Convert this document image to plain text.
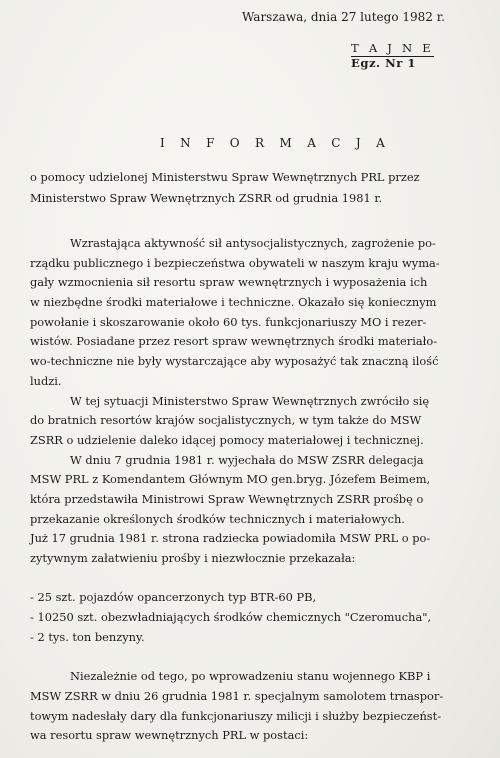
Warszawa, dnia 27 lutego 1982 r.
T A J N E
Egz. Nr 1
I N F O R M A C J A
o pomocy udzielonej Ministerstwu Spraw Wewnętrznych PRL przez
Ministerstwo Spraw Wewnętrznych ZSRR od grudnia 1981 r.
Wzrastająca aktywność sił antysocjalistycznych, zagrożenie po-
rządku publicznego i bezpieczeństwa obywateli w naszym kraju wyma-
gały wzmocnienia sił resortu spraw wewnętrznych i wyposażenia ich
w niezbędne środki materiałowe i techniczne. Okazało się koniecznym
powołanie i skoszarowanie około 60 tys. funkcjonariuszy MO i rezer-
wistów. Posiadane przez resort spraw wewnętrznych środki materiało-
wo-techniczne nie były wystarczające aby wyposażyć tak znaczną ilość
ludzi.
W tej sytuacji Ministerstwo Spraw Wewnętrznych zwróciło się
do bratnich resortów krajów socjalistycznych, w tym także do MSW
ZSRR o udzielenie daleko idącej pomocy materiałowej i technicznej.
W dniu 7 grudnia 1981 r. wyjechała do MSW ZSRR delegacja
MSW PRL z Komendantem Głównym MO gen.bryg. Józefem Beimem,
która przedstawiła Ministrowi Spraw Wewnętrznych ZSRR prośbę o
przekazanie określonych środków technicznych i materiałowych.
Już 17 grudnia 1981 r. strona radziecka powiadomiła MSW PRL o po-
zytywnym załatwieniu prośby i niezwłocznie przekazała:
- 25 szt. pojazdów opancerzonych typ BTR-60 PB,
- 10250 szt. obezwładniających środków chemicznych "Czeromucha",
- 2 tys. ton benzyny.
Niezależnie od tego, po wprowadzeniu stanu wojennego KBP i
MSW ZSRR w dniu 26 grudnia 1981 r. specjalnym samolotem trnaspor-
towym nadesłały dary dla funkcjonariuszy milicji i służby bezpieczeńst-
wa resortu spraw wewnętrznych PRL w postaci:
